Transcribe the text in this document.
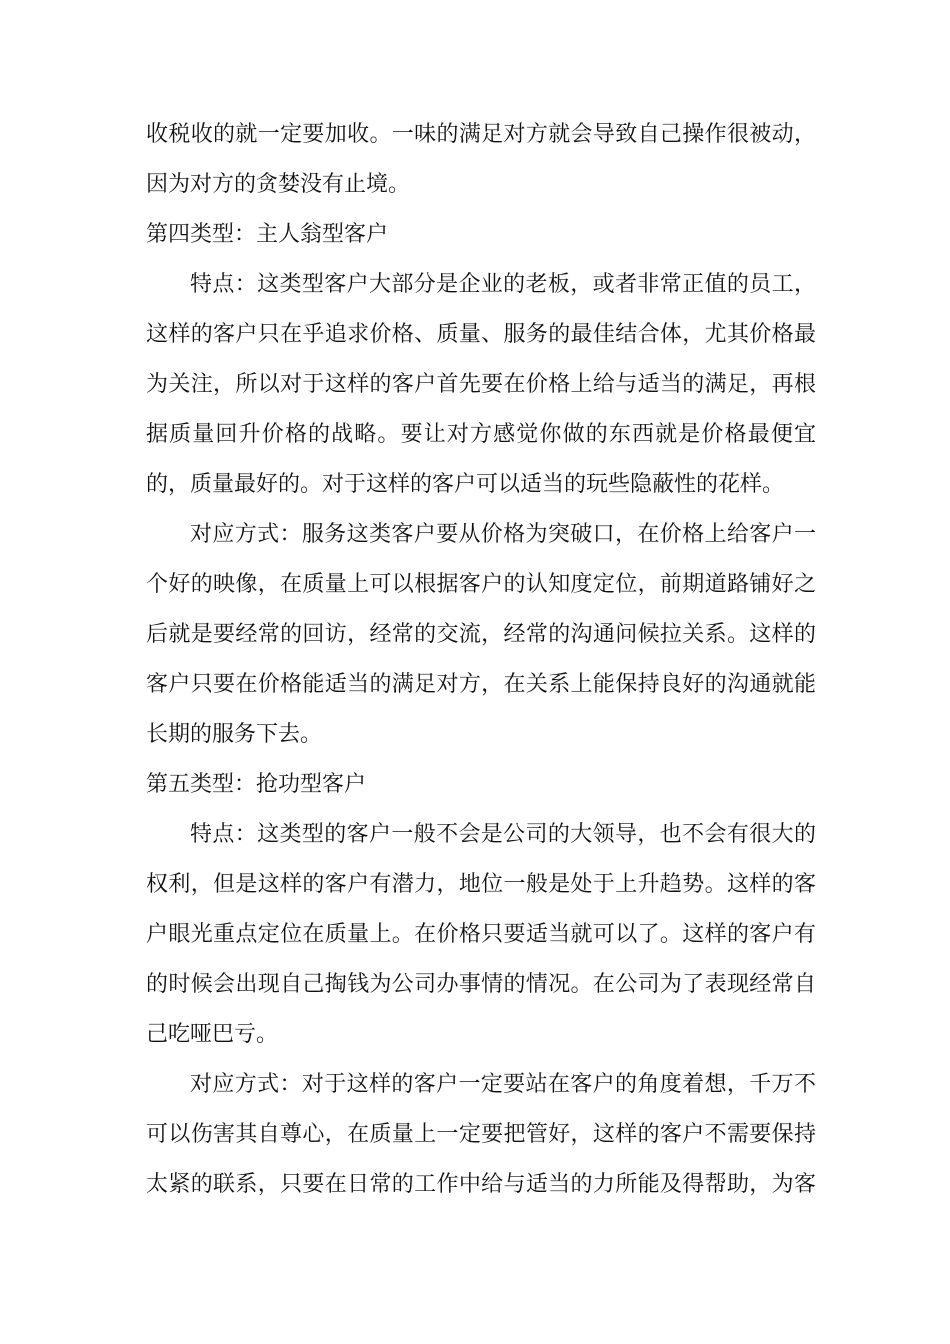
收税收的就一定要加收。一味的满足对方就会导致自己操作很被动，
因为对方的贪婪没有止境。
第四类型：主人翁型客户
特点：这类型客户大部分是企业的老板，或者非常正值的员工，
这样的客户只在乎追求价格、质量、服务的最佳结合体，尤其价格最
为关注，所以对于这样的客户首先要在价格上给与适当的满足，再根
据质量回升价格的战略。要让对方感觉你做的东西就是价格最便宜
的，质量最好的。对于这样的客户可以适当的玩些隐蔽性的花样。
对应方式：服务这类客户要从价格为突破口，在价格上给客户一
个好的映像，在质量上可以根据客户的认知度定位，前期道路铺好之
后就是要经常的回访，经常的交流，经常的沟通问候拉关系。这样的
客户只要在价格能适当的满足对方，在关系上能保持良好的沟通就能
长期的服务下去。
第五类型：抢功型客户
特点：这类型的客户一般不会是公司的大领导，也不会有很大的
权利，但是这样的客户有潜力，地位一般是处于上升趋势。这样的客
户眼光重点定位在质量上。在价格只要适当就可以了。这样的客户有
的时候会出现自己掏钱为公司办事情的情况。在公司为了表现经常自
己吃哑巴亏。
对应方式：对于这样的客户一定要站在客户的角度着想，千万不
可以伤害其自尊心，在质量上一定要把管好，这样的客户不需要保持
太紧的联系，只要在日常的工作中给与适当的力所能及得帮助，为客
